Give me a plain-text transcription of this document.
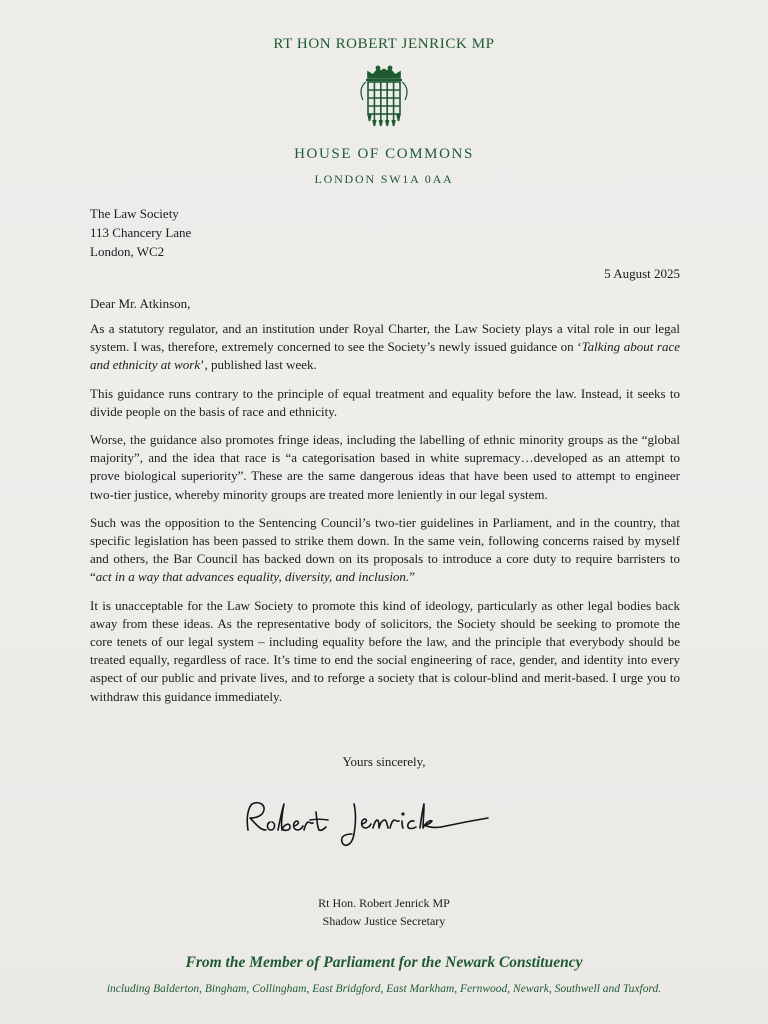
RT HON ROBERT JENRICK MP
HOUSE OF COMMONS
LONDON SW1A 0AA
The Law Society
113 Chancery Lane
London, WC2
5 August 2025
Dear Mr. Atkinson,

As a statutory regulator, and an institution under Royal Charter, the Law Society plays a vital role in our legal system. I was, therefore, extremely concerned to see the Society’s newly issued guidance on ‘Talking about race and ethnicity at work’, published last week.

This guidance runs contrary to the principle of equal treatment and equality before the law. Instead, it seeks to divide people on the basis of race and ethnicity.

Worse, the guidance also promotes fringe ideas, including the labelling of ethnic minority groups as the “global majority”, and the idea that race is “a categorisation based in white supremacy…developed as an attempt to prove biological superiority”. These are the same dangerous ideas that have been used to attempt to engineer two-tier justice, whereby minority groups are treated more leniently in our legal system.

Such was the opposition to the Sentencing Council’s two-tier guidelines in Parliament, and in the country, that specific legislation has been passed to strike them down. In the same vein, following concerns raised by myself and others, the Bar Council has backed down on its proposals to introduce a core duty to require barristers to “act in a way that advances equality, diversity, and inclusion.”

It is unacceptable for the Law Society to promote this kind of ideology, particularly as other legal bodies back away from these ideas. As the representative body of solicitors, the Society should be seeking to promote the core tenets of our legal system – including equality before the law, and the principle that everybody should be treated equally, regardless of race. It’s time to end the social engineering of race, gender, and identity into every aspect of our public and private lives, and to reforge a society that is colour-blind and merit-based. I urge you to withdraw this guidance immediately.

Yours sincerely,
Rt Hon. Robert Jenrick MP
Shadow Justice Secretary
From the Member of Parliament for the Newark Constituency
including Balderton, Bingham, Collingham, East Bridgford, East Markham, Fernwood, Newark, Southwell and Tuxford.
